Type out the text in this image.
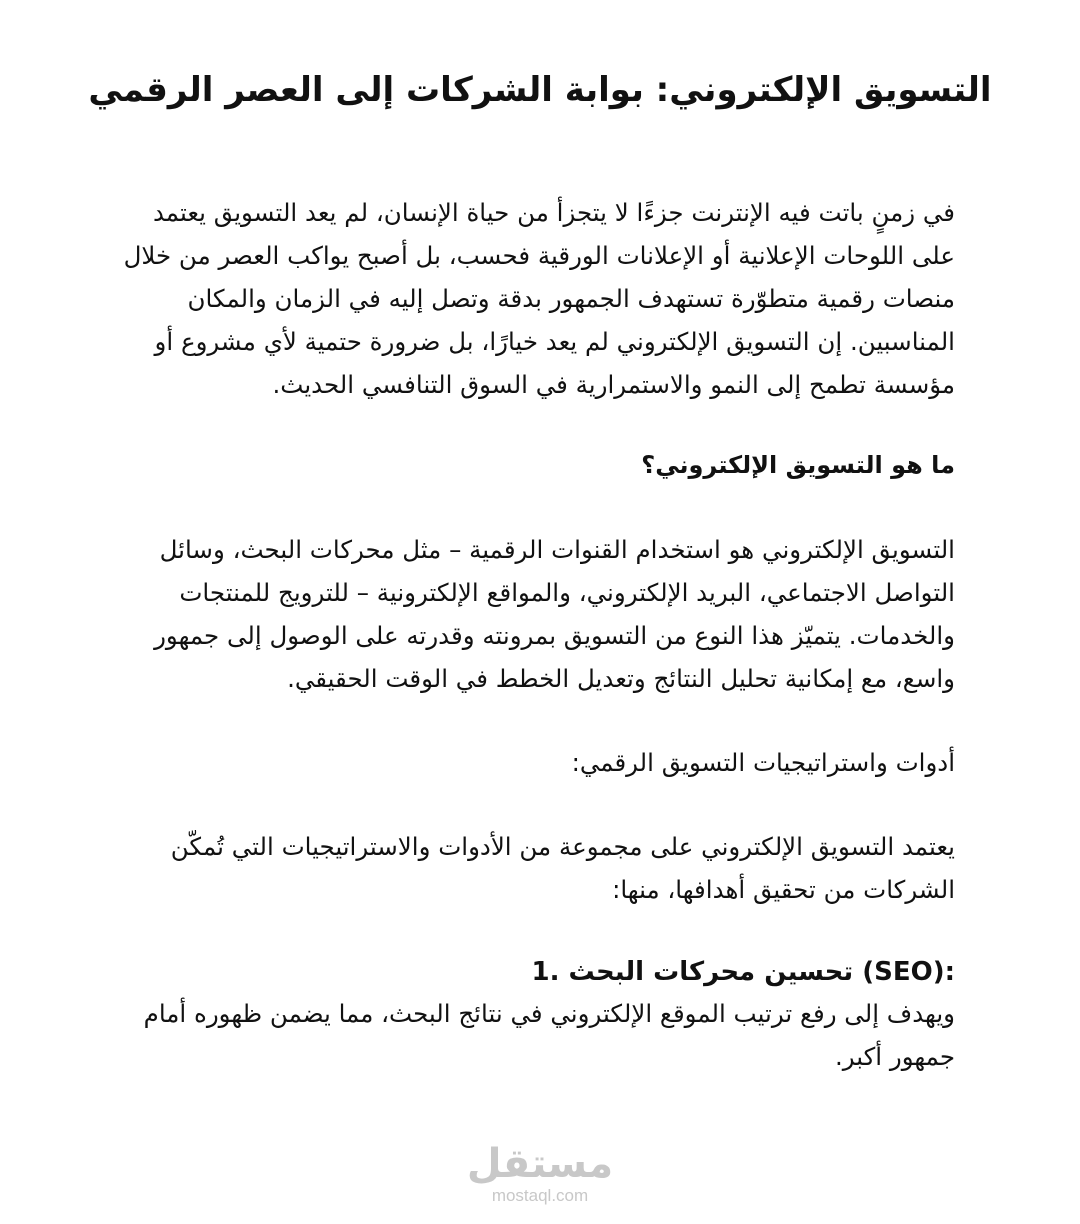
التسويق الإلكتروني: بوابة الشركات إلى العصر الرقمي

في زمنٍ باتت فيه الإنترنت جزءًا لا يتجزأ من حياة الإنسان، لم يعد التسويق يعتمد على اللوحات الإعلانية أو الإعلانات الورقية فحسب، بل أصبح يواكب العصر من خلال منصات رقمية متطوّرة تستهدف الجمهور بدقة وتصل إليه في الزمان والمكان المناسبين. إن التسويق الإلكتروني لم يعد خيارًا، بل ضرورة حتمية لأي مشروع أو مؤسسة تطمح إلى النمو والاستمرارية في السوق التنافسي الحديث.

ما هو التسويق الإلكتروني؟

التسويق الإلكتروني هو استخدام القنوات الرقمية – مثل محركات البحث، وسائل التواصل الاجتماعي، البريد الإلكتروني، والمواقع الإلكترونية – للترويج للمنتجات والخدمات. يتميّز هذا النوع من التسويق بمرونته وقدرته على الوصول إلى جمهور واسع، مع إمكانية تحليل النتائج وتعديل الخطط في الوقت الحقيقي.

أدوات واستراتيجيات التسويق الرقمي:

يعتمد التسويق الإلكتروني على مجموعة من الأدوات والاستراتيجيات التي تُمكّن الشركات من تحقيق أهدافها، منها:

1. تحسين محركات البحث (SEO):

ويهدف إلى رفع ترتيب الموقع الإلكتروني في نتائج البحث، مما يضمن ظهوره أمام جمهور أكبر.

مستقل
mostaql.com
